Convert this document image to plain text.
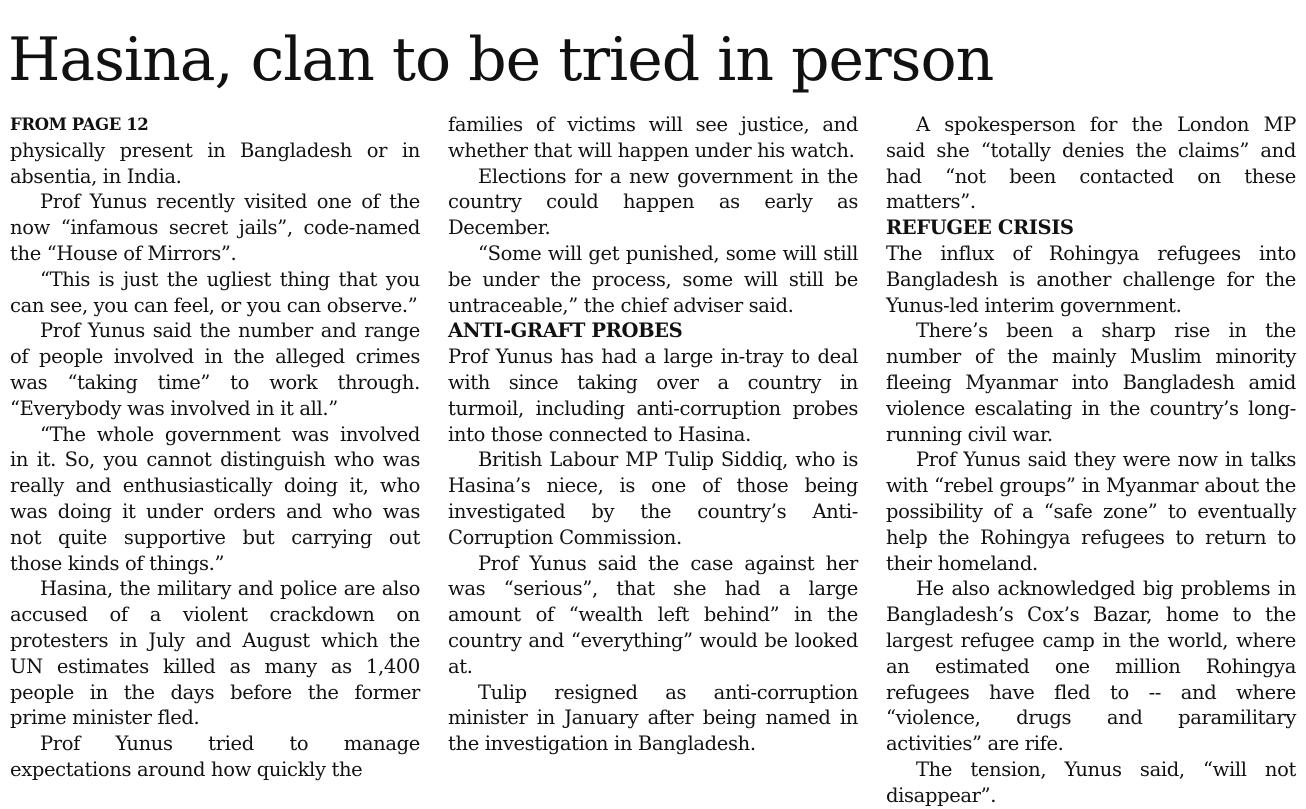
Hasina, clan to be tried in person
FROM PAGE 12

physically present in Bangladesh or in absentia, in India.

Prof Yunus recently visited one of the now “infamous secret jails”, code-named the “House of Mirrors”.

“This is just the ugliest thing that you can see, you can feel, or you can observe.”

Prof Yunus said the number and range of people involved in the alleged crimes was “taking time” to work through. “Everybody was involved in it all.”

“The whole government was involved in it. So, you cannot distinguish who was really and enthusiastically doing it, who was doing it under orders and who was not quite supportive but carrying out those kinds of things.”

Hasina, the military and police are also accused of a violent crackdown on protesters in July and August which the UN estimates killed as many as 1,400 people in the days before the former prime minister fled.

Prof Yunus tried to manage expectations around how quickly the

families of victims will see justice, and whether that will happen under his watch.

Elections for a new government in the country could happen as early as December.

“Some will get punished, some will still be under the process, some will still be untraceable,” the chief adviser said.

ANTI-GRAFT PROBES

Prof Yunus has had a large in-tray to deal with since taking over a country in turmoil, including anti-corruption probes into those connected to Hasina.

British Labour MP Tulip Siddiq, who is Hasina’s niece, is one of those being investigated by the country’s Anti-Corruption Commission.

Prof Yunus said the case against her was “serious”, that she had a large amount of “wealth left behind” in the country and “everything” would be looked at.

Tulip resigned as anti-corruption minister in January after being named in the investigation in Bangladesh.

A spokesperson for the London MP said she “totally denies the claims” and had “not been contacted on these matters”.

REFUGEE CRISIS

The influx of Rohingya refugees into Bangladesh is another challenge for the Yunus-led interim government.

There’s been a sharp rise in the number of the mainly Muslim minority fleeing Myanmar into Bangladesh amid violence escalating in the country’s long-running civil war.

Prof Yunus said they were now in talks with “rebel groups” in Myanmar about the possibility of a “safe zone” to eventually help the Rohingya refugees to return to their homeland.

He also acknowledged big problems in Bangladesh’s Cox’s Bazar, home to the largest refugee camp in the world, where an estimated one million Rohingya refugees have fled to -- and where “violence, drugs and paramilitary activities” are rife.

The tension, Yunus said, “will not disappear”.
